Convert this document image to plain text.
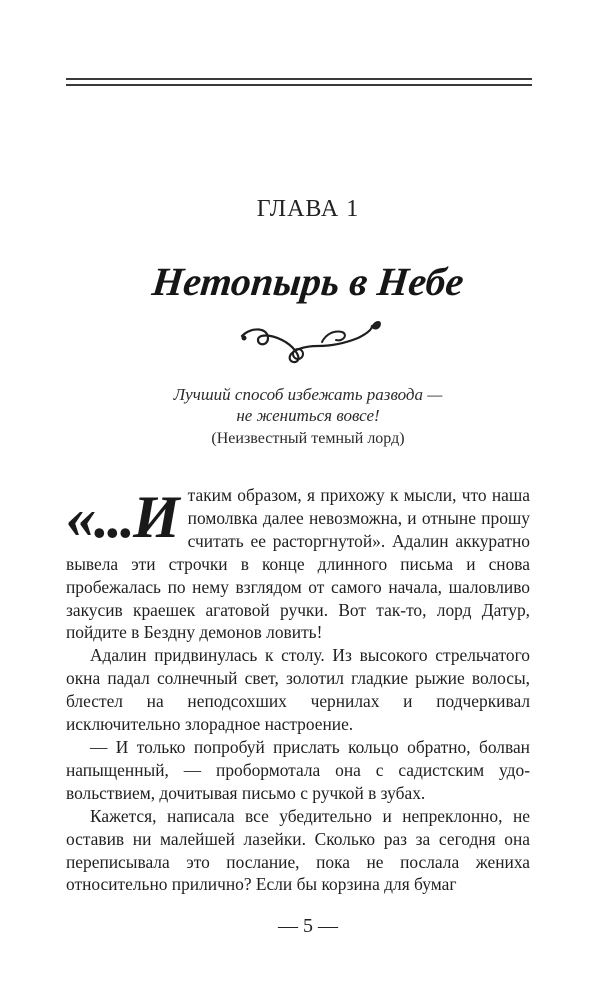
ГЛАВА 1
Нетопырь в Небе

Лучший способ избежать развода —

не жениться вовсе!

(Неизвестный темный лорд)

«...И таким образом, я прихожу к мысли, что наша помолвка далее невозможна, и отныне прошу считать ее расторгнутой». Адалин аккуратно вывела эти строчки в конце длинного письма и снова пробежалась по нему взглядом от самого начала, шаловливо закусив краешек агатовой ручки. Вот так-то, лорд Датур, пойдите в Бездну демонов ловить!

Адалин придвинулась к столу. Из высокого стрельчатого окна падал солнечный свет, золотил гладкие рыжие волосы, блестел на неподсохших чернилах и подчеркивал исключительно злорадное настроение.

— И только попробуй прислать кольцо обратно, болван напыщенный, — пробормотала она с садистским удовольствием, дочитывая письмо с ручкой в зубах.

Кажется, написала все убедительно и непреклонно, не оставив ни малейшей лазейки. Сколько раз за сегодня она переписывала это послание, пока не послала жениха относительно прилично? Если бы корзина для бумаг

— 5 —
